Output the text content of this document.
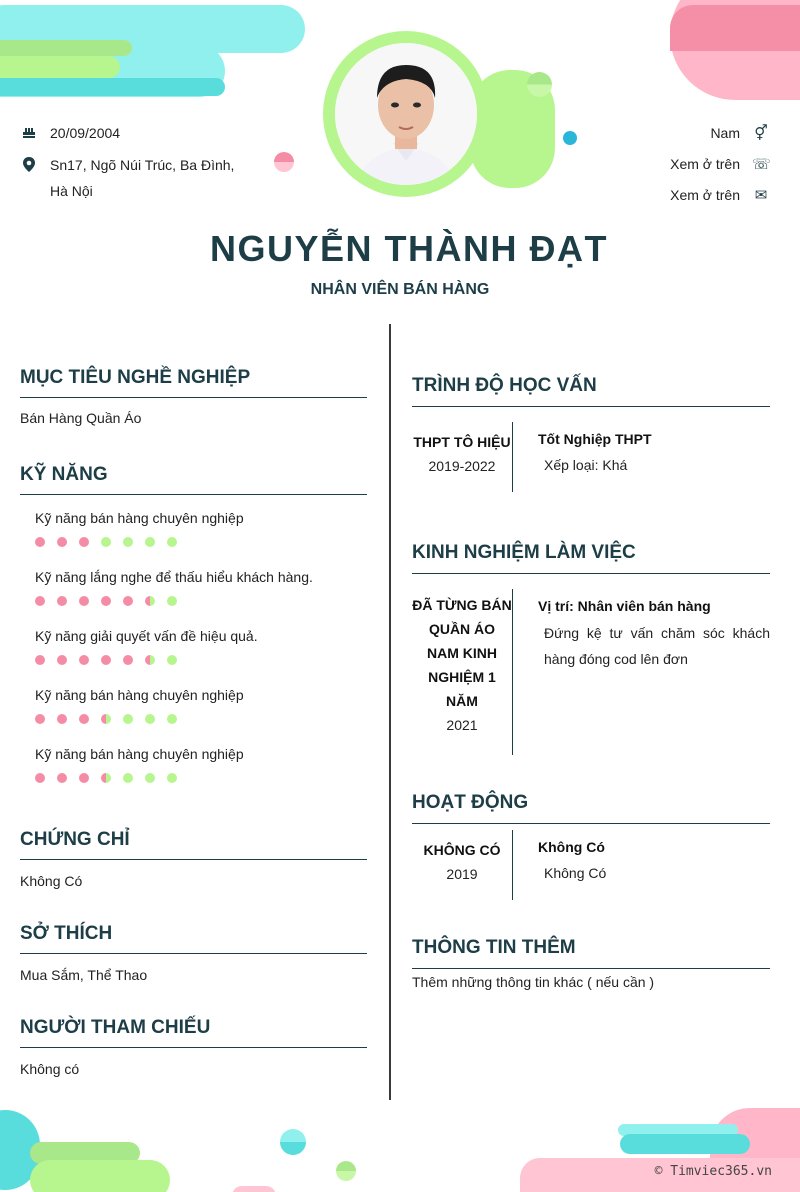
20/09/2004
Sn17, Ngõ Núi Trúc, Ba Đình, Hà Nội
Nam ⚥
Xem ở trên ☏
Xem ở trên ✉
NGUYỄN THÀNH ĐẠT
NHÂN VIÊN BÁN HÀNG
MỤC TIÊU NGHỀ NGHIỆP
Bán Hàng Quần Áo
KỸ NĂNG
Kỹ năng bán hàng chuyên nghiệp
Kỹ năng lắng nghe để thấu hiểu khách hàng.
Kỹ năng giải quyết vấn đề hiệu quả.
Kỹ năng bán hàng chuyên nghiệp
Kỹ năng bán hàng chuyên nghiệp
CHỨNG CHỈ
Không Có
SỞ THÍCH
Mua Sắm, Thể Thao
NGƯỜI THAM CHIẾU
Không có
TRÌNH ĐỘ HỌC VẤN
THPT TÔ HIỆU
2019-2022
Tốt Nghiệp THPT
Xếp loại: Khá
KINH NGHIỆM LÀM VIỆC
ĐÃ TỪNG BÁN
QUẦN ÁO
NAM KINH
NGHIỆM 1
NĂM
2021
Vị trí: Nhân viên bán hàng
Đứng kệ tư vấn chăm sóc khách hàng đóng cod lên đơn
HOẠT ĐỘNG
KHÔNG CÓ
2019
Không Có
Không Có
THÔNG TIN THÊM
Thêm những thông tin khác ( nếu cần )
© Timviec365.vn
